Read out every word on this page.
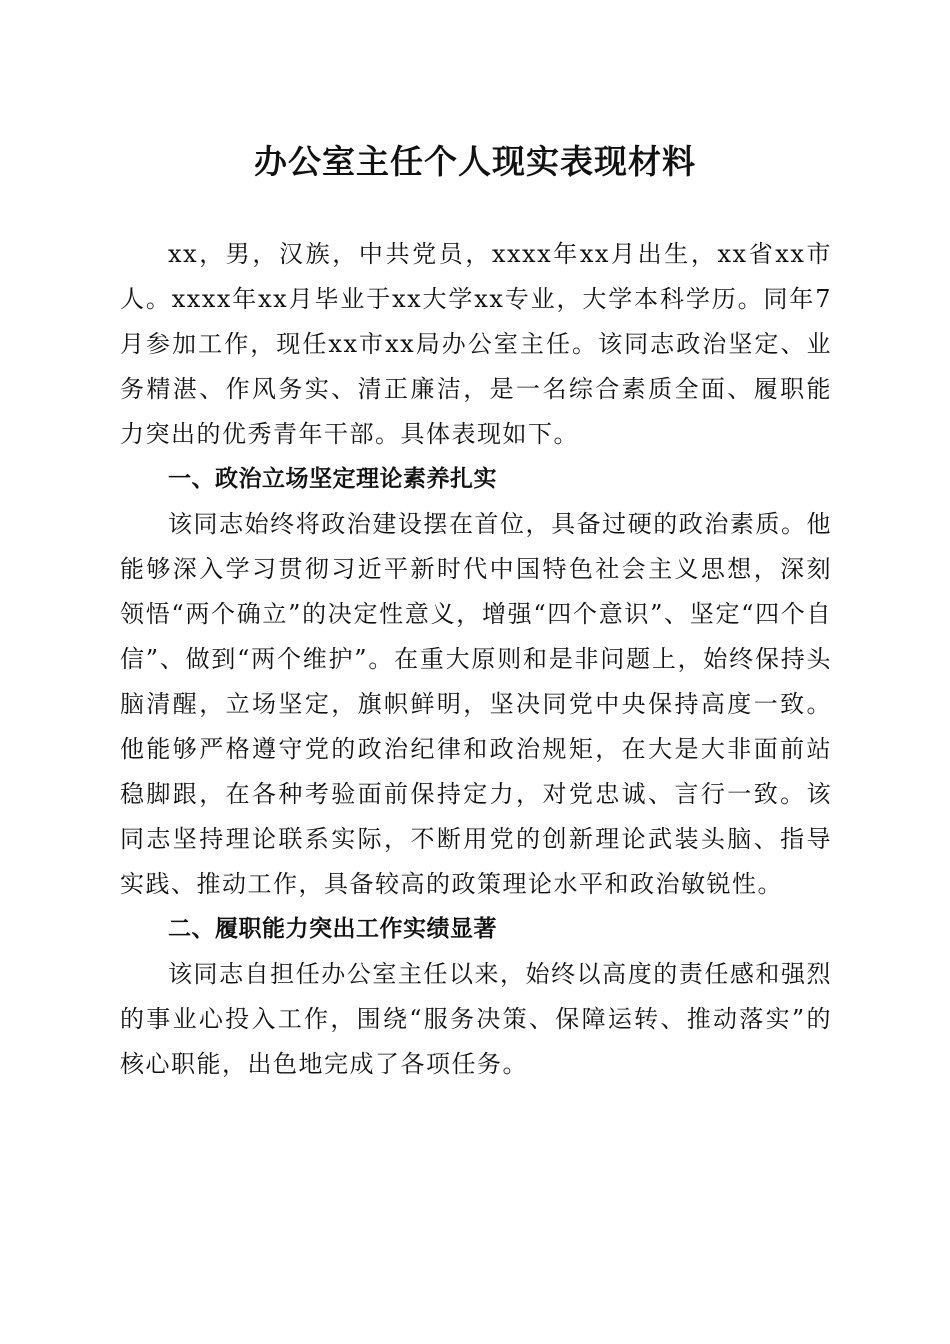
办公室主任个人现实表现材料

xx，男，汉族，中共党员，xxxx年xx月出生，xx省xx市人。xxxx年xx月毕业于xx大学xx专业，大学本科学历。同年7月参加工作，现任xx市xx局办公室主任。该同志政治坚定、业务精湛、作风务实、清正廉洁，是一名综合素质全面、履职能力突出的优秀青年干部。具体表现如下。

一、政治立场坚定理论素养扎实

该同志始终将政治建设摆在首位，具备过硬的政治素质。他能够深入学习贯彻习近平新时代中国特色社会主义思想，深刻领悟“两个确立”的决定性意义，增强“四个意识”、坚定“四个自信”、做到“两个维护”。在重大原则和是非问题上，始终保持头脑清醒，立场坚定，旗帜鲜明，坚决同党中央保持高度一致。他能够严格遵守党的政治纪律和政治规矩，在大是大非面前站稳脚跟，在各种考验面前保持定力，对党忠诚、言行一致。该同志坚持理论联系实际，不断用党的创新理论武装头脑、指导实践、推动工作，具备较高的政策理论水平和政治敏锐性。

二、履职能力突出工作实绩显著

该同志自担任办公室主任以来，始终以高度的责任感和强烈的事业心投入工作，围绕“服务决策、保障运转、推动落实”的核心职能，出色地完成了各项任务。
